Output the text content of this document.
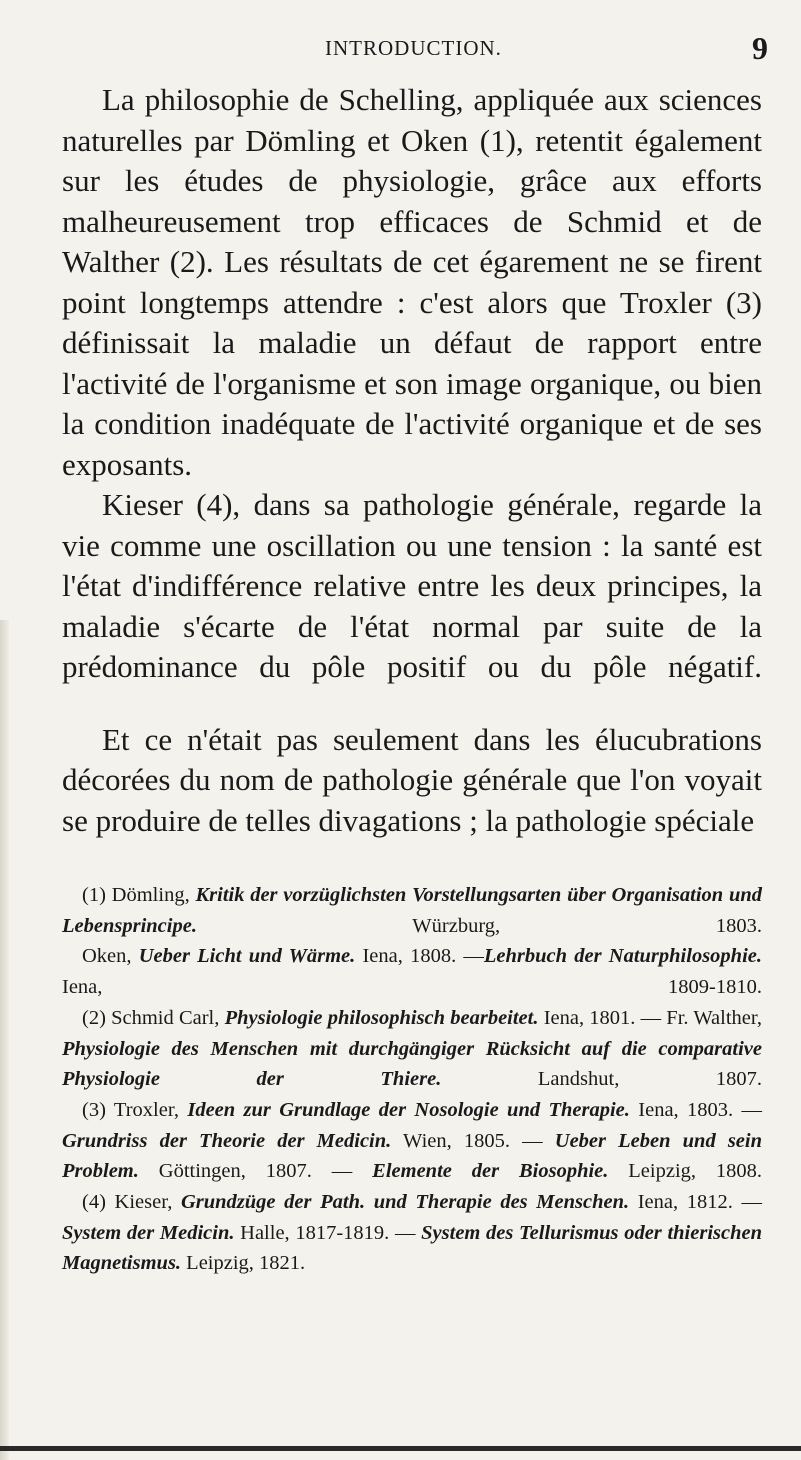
INTRODUCTION.	9

La philosophie de Schelling, appliquée aux sciences naturelles par Dömling et Oken (1), retentit également sur les études de physiologie, grâce aux efforts malheureusement trop efficaces de Schmid et de Walther (2). Les résultats de cet égarement ne se firent point longtemps attendre : c'est alors que Troxler (3) définissait la maladie un défaut de rapport entre l'activité de l'organisme et son image organique, ou bien la condition inadéquate de l'activité organique et de ses exposants.

Kieser (4), dans sa pathologie générale, regarde la vie comme une oscillation ou une tension : la santé est l'état d'indifférence relative entre les deux principes, la maladie s'écarte de l'état normal par suite de la prédominance du pôle positif ou du pôle négatif.

Et ce n'était pas seulement dans les élucubrations décorées du nom de pathologie générale que l'on voyait se produire de telles divagations ; la pathologie spéciale

(1) Dömling, Kritik der vorzüglichsten Vorstellungsarten über Organisation und Lebensprincipe.	Würzburg, 1803.

Oken, Ueber Licht und Wärme. Iena, 1808. —Lehrbuch der Naturphilosophie. Iena, 1809-1810.

(2) Schmid Carl, Physiologie philosophisch bearbeitet. Iena, 1801. — Fr. Walther, Physiologie des Menschen mit durchgängiger Rücksicht auf die comparative Physiologie der Thiere.	Landshut, 1807.

(3) Troxler, Ideen zur Grundlage der Nosologie und Therapie. Iena, 1803. — Grundriss der Theorie der Medicin. Wien, 1805. — Ueber Leben und sein Problem. Göttingen, 1807. — Elemente der Biosophie. Leipzig, 1808.

(4) Kieser, Grundzüge der Path. und Therapie des Menschen. Iena, 1812. — System der Medicin. Halle, 1817-1819. — System des Tellurismus oder thierischen Magnetismus. Leipzig, 1821.
